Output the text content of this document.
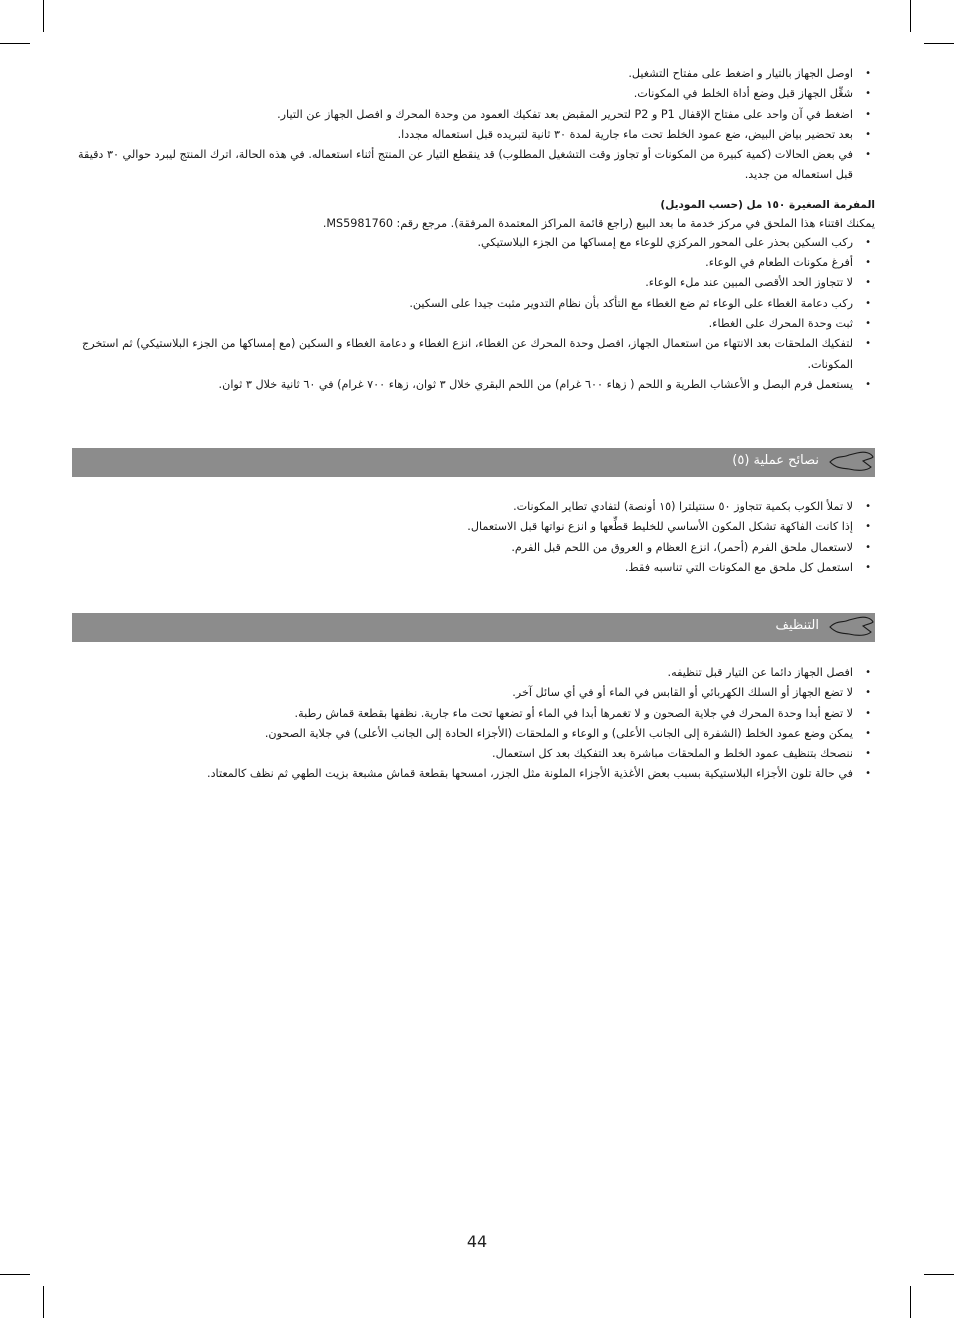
• اوصل الجهاز بالتيار و اضغط على مفتاح التشغيل.
• شغِّل الجهاز قبل وضع أداة الخلط في المكونات.
• اضغط في آن واحد على مفتاح الإقفال P1 و P2 لتحرير المقبض بعد تفكيك العمود من وحدة المحرك و افصل الجهاز عن التيار.
• بعد تحضير بياض البيض، ضع عمود الخلط تحت ماء جارية لمدة ۳۰ ثانية لتبريده قبل استعماله مجددا.
• في بعض الحالات (كمية كبيرة من المكونات أو تجاوز وقت التشغيل المطلوب) قد ينقطع التيار عن المنتج أثناء استعماله. في هذه الحالة، اترك المنتج ليبرد حوالي ۳۰ دقيقة قبل استعماله من جديد.
المفرمة الصغيرة ١٥٠ مل (حسب الموديل)
يمكنك اقتناء هذا الملحق في مركز خدمة ما بعد البيع (راجع قائمة المراكز المعتمدة المرفقة). مرجع رقم: MS5981760.
• ركب السكين بحذر على المحور المركزي للوعاء مع إمساكها من الجزء البلاستيكي.
• أفرغ مكونات الطعام في الوعاء.
• لا تتجاوز الحد الأقصى المبين عند ملء الوعاء.
• ركب دعامة الغطاء على الوعاء ثم ضع الغطاء مع التأكد بأن نظام التدوير مثبت جيدا على السكين.
• ثبت وحدة المحرك على الغطاء.
• لتفكيك الملحقات بعد الانتهاء من استعمال الجهاز، افصل وحدة المحرك عن الغطاء، انزع الغطاء و دعامة الغطاء و السكين (مع إمساكها من الجزء البلاستيكي) ثم استخرج المكونات.
• يستعمل فرم البصل و الأعشاب الطرية و اللحم ( زهاء ٦٠٠ غرام) من اللحم البقري خلال ٣ ثوان، زهاء ٧٠٠ غرام) في ٦٠ ثانية خلال ٣ ثوان.
نصائح عملية (٥)
• لا تملأ الكوب بكمية تتجاوز ٥٠ سنتيلترا (١٥ أونصة) لتفادي تطاير المكونات.
• إذا كانت الفاكهة تشكل المكون الأساسي للخليط قطِّعها و انزع نواتها قبل الاستعمال.
• لاستعمال ملحق الفرم (أحمر)، انزع العظام و العروق من اللحم قبل الفرم.
• استعمل كل ملحق مع المكونات التي تناسبه فقط.
التنظيف
• افصل الجهاز دائما عن التيار قبل تنظيفه.
• لا تضع الجهاز أو السلك الكهربائي أو القابس في الماء أو في أي سائل آخر.
• لا تضع أبدا وحدة المحرك في جلاية الصحون و لا تغمرها أبدا في الماء أو تضعها تحت ماء جارية. نظفها بقطعة قماش رطبة.
• يمكن وضع عمود الخلط (الشفرة إلى الجانب الأعلى) و الوعاء و الملحقات (الأجزاء الحادة إلى الجانب الأعلى) في جلاية الصحون.
• ننصحك بتنظيف عمود الخلط و الملحقات مباشرة بعد التفكيك بعد كل استعمال.
• في حالة تلون الأجزاء البلاستيكية بسبب بعض الأغذية الأجزاء الملونة مثل الجزر، امسحها بقطعة قماش مشبعة بزيت الطهي ثم نظف كالمعتاد.
44
